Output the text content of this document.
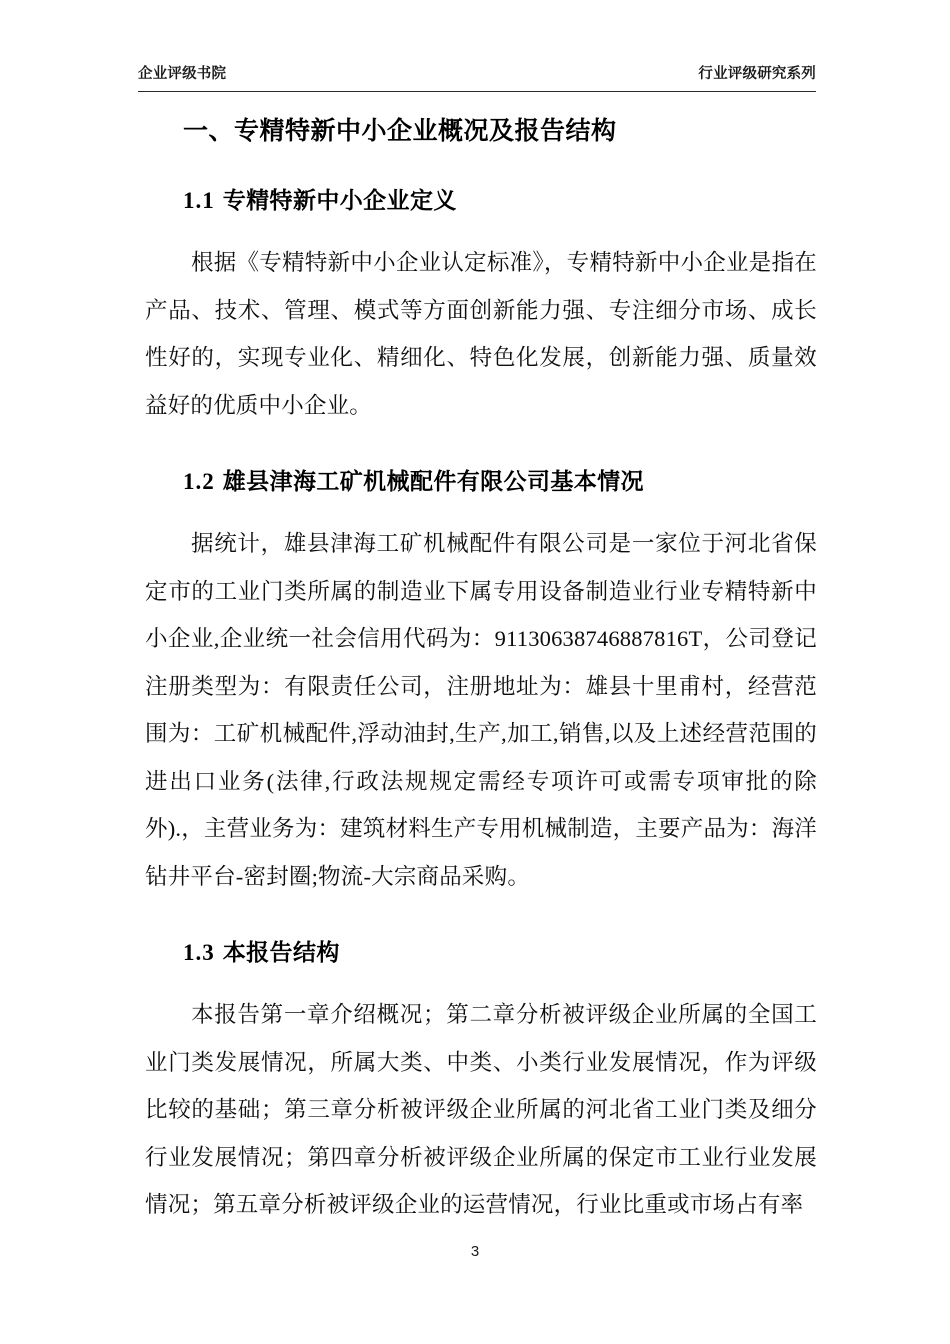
企业评级书院	行业评级研究系列
一、专精特新中小企业概况及报告结构
1.1 专精特新中小企业定义

根据《专精特新中小企业认定标准》，专精特新中小企业是指在产品、技术、管理、模式等方面创新能力强、专注细分市场、成长性好的，实现专业化、精细化、特色化发展，创新能力强、质量效益好的优质中小企业。

1.2 雄县津海工矿机械配件有限公司基本情况

据统计，雄县津海工矿机械配件有限公司是一家位于河北省保定市的工业门类所属的制造业下属专用设备制造业行业专精特新中小企业,企业统一社会信用代码为：91130638746887816T，公司登记注册类型为：有限责任公司，注册地址为：雄县十里甫村，经营范围为：工矿机械配件,浮动油封,生产,加工,销售,以及上述经营范围的进出口业务(法律,行政法规规定需经专项许可或需专项审批的除外).，主营业务为：建筑材料生产专用机械制造，主要产品为：海洋钻井平台-密封圈;物流-大宗商品采购。

1.3 本报告结构

本报告第一章介绍概况；第二章分析被评级企业所属的全国工业门类发展情况，所属大类、中类、小类行业发展情况，作为评级比较的基础；第三章分析被评级企业所属的河北省工业门类及细分行业发展情况；第四章分析被评级企业所属的保定市工业行业发展情况；第五章分析被评级企业的运营情况，行业比重或市场占有率

3
